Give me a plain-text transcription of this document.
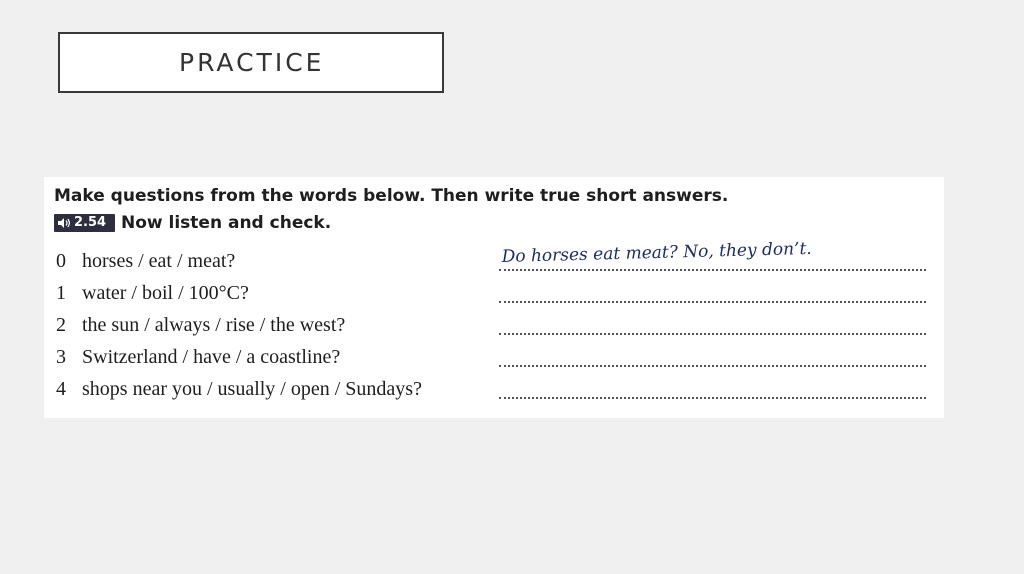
PRACTICE
Make questions from the words below. Then write true short answers.
2.54 Now listen and check.
0 horses / eat / meat?	Do horses eat meat? No, they don’t.
1 water / boil / 100°C?
2 the sun / always / rise / the west?
3 Switzerland / have / a coastline?
4 shops near you / usually / open / Sundays?
